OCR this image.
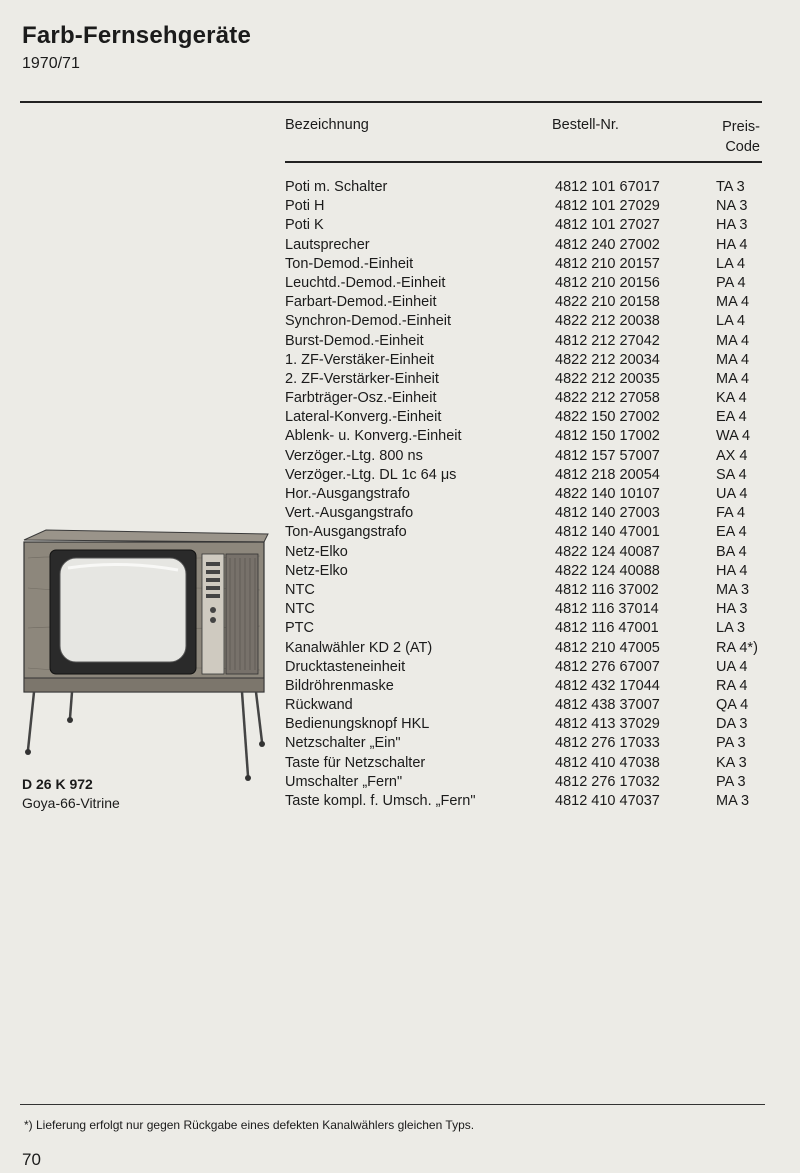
Farb-Fernsehgeräte
1970/71
Bezeichnung	Bestell-Nr.	Preis-
Code
Poti m. Schalter	4812 101 67017	TA 3
Poti H	4812 101 27029	NA 3
Poti K	4812 101 27027	HA 3
Lautsprecher	4812 240 27002	HA 4
Ton-Demod.-Einheit	4812 210 20157	LA 4
Leuchtd.-Demod.-Einheit	4812 210 20156	PA 4
Farbart-Demod.-Einheit	4822 210 20158	MA 4
Synchron-Demod.-Einheit	4822 212 20038	LA 4
Burst-Demod.-Einheit	4812 212 27042	MA 4
1. ZF-Verstäker-Einheit	4822 212 20034	MA 4
2. ZF-Verstärker-Einheit	4822 212 20035	MA 4
Farbträger-Osz.-Einheit	4822 212 27058	KA 4
Lateral-Konverg.-Einheit	4822 150 27002	EA 4
Ablenk- u. Konverg.-Einheit	4812 150 17002	WA 4
Verzöger.-Ltg. 800 ns	4812 157 57007	AX 4
Verzöger.-Ltg. DL 1c 64 μs	4812 218 20054	SA 4
Hor.-Ausgangstrafo	4822 140 10107	UA 4
Vert.-Ausgangstrafo	4812 140 27003	FA 4
Ton-Ausgangstrafo	4812 140 47001	EA 4
Netz-Elko	4822 124 40087	BA 4
Netz-Elko	4822 124 40088	HA 4
NTC	4812 116 37002	MA 3
NTC	4812 116 37014	HA 3
PTC	4812 116 47001	LA 3
Kanalwähler KD 2 (AT)	4812 210 47005	RA 4*)
Drucktasteneinheit	4812 276 67007	UA 4
Bildröhrenmaske	4812 432 17044	RA 4
Rückwand	4812 438 37007	QA 4
Bedienungsknopf HKL	4812 413 37029	DA 3
Netzschalter „Ein"	4812 276 17033	PA 3
Taste für Netzschalter	4812 410 47038	KA 3
Umschalter „Fern"	4812 276 17032	PA 3
Taste kompl. f. Umsch. „Fern"	4812 410 47037	MA 3
D 26 K 972
Goya-66-Vitrine
*) Lieferung erfolgt nur gegen Rückgabe eines defekten Kanalwählers gleichen Typs.
70
